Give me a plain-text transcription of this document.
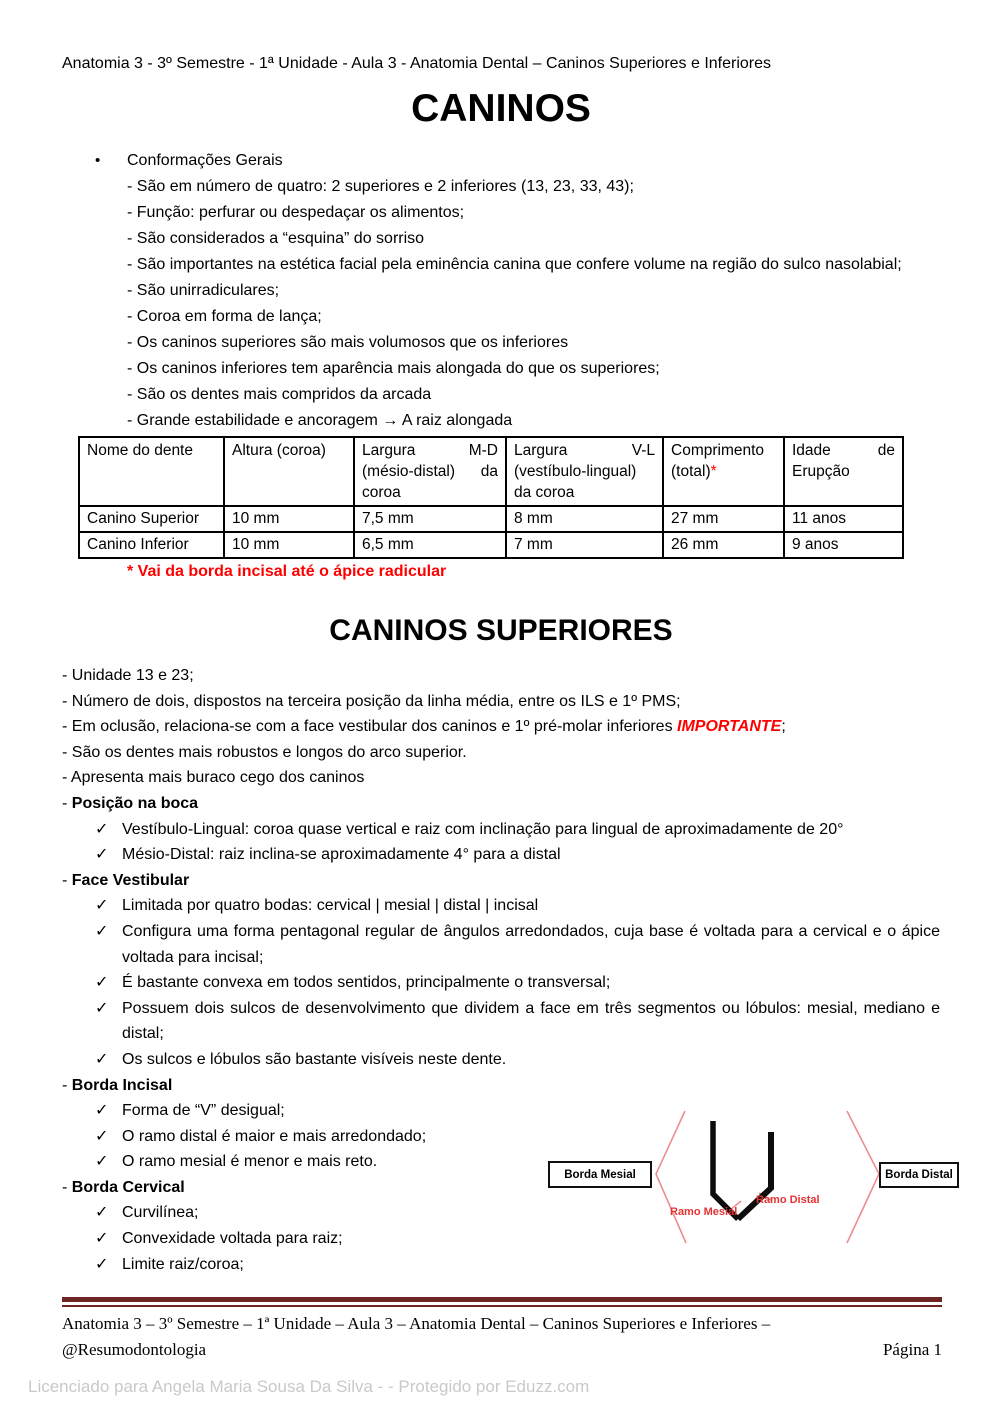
Anatomia 3 - 3º Semestre - 1ª Unidade - Aula 3 - Anatomia Dental – Caninos Superiores e Inferiores
CANINOS
• Conformações Gerais
- São em número de quatro: 2 superiores e 2 inferiores (13, 23, 33, 43);
- Função: perfurar ou despedaçar os alimentos;
- São considerados a “esquina” do sorriso
- São importantes na estética facial pela eminência canina que confere volume na região do sulco nasolabial;
- São unirradiculares;
- Coroa em forma de lança;
- Os caninos superiores são mais volumosos que os inferiores
- Os caninos inferiores tem aparência mais alongada do que os superiores;
- São os dentes mais compridos da arcada
- Grande estabilidade e ancoragem → A raiz alongada
Nome do dente	Altura (coroa)	Largura M-D (mésio-distal) da coroa	Largura V-L (vestíbulo-lingual) da coroa	Comprimento (total)*	Idade de Erupção
Canino Superior	10 mm	7,5 mm	8 mm	27 mm	11 anos
Canino Inferior	10 mm	6,5 mm	7 mm	26 mm	9 anos
* Vai da borda incisal até o ápice radicular
CANINOS SUPERIORES
- Unidade 13 e 23;
- Número de dois, dispostos na terceira posição da linha média, entre os ILS e 1º PMS;
- Em oclusão, relaciona-se com a face vestibular dos caninos e 1º pré-molar inferiores IMPORTANTE;
- São os dentes mais robustos e longos do arco superior.
- Apresenta mais buraco cego dos caninos
- Posição na boca
✓ Vestíbulo-Lingual: coroa quase vertical e raiz com inclinação para lingual de aproximadamente de 20°
✓ Mésio-Distal: raiz inclina-se aproximadamente 4° para a distal
- Face Vestibular
✓ Limitada por quatro bodas: cervical | mesial | distal | incisal
✓ Configura uma forma pentagonal regular de ângulos arredondados, cuja base é voltada para a cervical e o ápice voltada para incisal;
✓ É bastante convexa em todos sentidos, principalmente o transversal;
✓ Possuem dois sulcos de desenvolvimento que dividem a face em três segmentos ou lóbulos: mesial, mediano e distal;
✓ Os sulcos e lóbulos são bastante visíveis neste dente.
- Borda Incisal
✓ Forma de “V” desigual;
✓ O ramo distal é maior e mais arredondado;
✓ O ramo mesial é menor e mais reto.
- Borda Cervical
✓ Curvilínea;
✓ Convexidade voltada para raiz;
✓ Limite raiz/coroa;
Borda Mesial	Borda Distal
Ramo Mesial
Ramo Distal
Anatomia 3 – 3º Semestre – 1ª Unidade – Aula 3 – Anatomia Dental – Caninos Superiores e Inferiores –
@Resumodontologia	Página 1
Licenciado para Angela Maria Sousa Da Silva - - Protegido por Eduzz.com
